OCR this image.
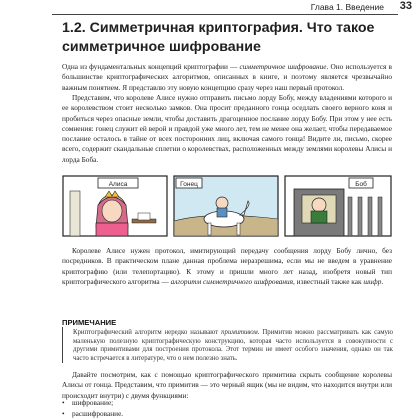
Глава 1. Введение 33
1.2. Симметричная криптография. Что такое симметричное шифрование

Одна из фундаментальных концепций криптографии — симметричное шифрование. Оно используется в большинстве криптографических алгоритмов, описанных в книге, и поэтому является чрезвычайно важным понятием. Я представлю эту новую концепцию сразу через наш первый протокол.

Представим, что королеве Алисе нужно отправить письмо лорду Бобу, между владениями которого и ее королевством стоит несколько замков. Она просит преданного гонца оседлать своего верного коня и пробиться через опасные земли, чтобы доставить драгоценное послание лорду Бобу. При этом у нее есть сомнения: гонец служит ей верой и правдой уже много лет, тем не менее она желает, чтобы передаваемое послание осталось в тайне от всех посторонних лиц, включая самого гонца! Видите ли, письмо, скорее всего, содержит скандальные сплетни о королевствах, расположенных между землями королевы Алисы и лорда Боба.

Алиса	Гонец	Боб

Королеве Алисе нужен протокол, имитирующий передачу сообщения лорду Бобу лично, без посредников. В практическом плане данная проблема неразрешима, если мы не введем в уравнение криптографию (или телепортацию). К этому и пришли много лет назад, изобретя новый тип криптографического алгоритма — алгоритм симметричного шифрования, известный также как шифр.

ПРИМЕЧАНИЕ

Криптографический алгоритм нередко называют примитивом. Примитив можно рассматривать как самую маленькую полезную криптографическую конструкцию, которая часто используется в совокупности с другими примитивами для построения протокола. Этот термин не имеет особого значения, однако он так часто встречается в литературе, что о нем полезно знать.

Давайте посмотрим, как с помощью криптографического примитива скрыть сообщение королевы Алисы от гонца. Представим, что примитив — это черный ящик (мы не видим, что находится внутри или происходит внутри) с двумя функциями:

• шифрование;
• расшифрование.
